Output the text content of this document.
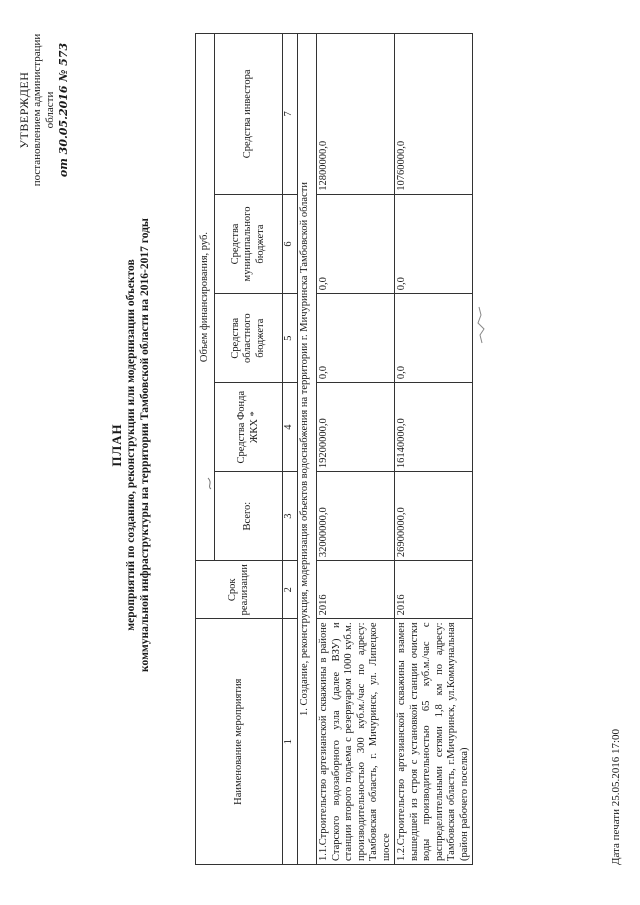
УТВЕРЖДЕН постановлением администрации области от 30.05.2016 № 573
ПЛАН мероприятий по созданию, реконструкции или модернизации объектов коммунальной инфраструктуры на территории Тамбовской области на 2016-2017 годы
Наименование мероприятия	Срок реализации	Объем финансирования, руб.				
		Всего:	Средства Фонда ЖКХ *	Средства областного бюджета	Средства муниципального бюджета	Средства инвестора
1	2	3	4	5	6	7
1. Создание, реконструкция, модернизация объектов водоснабжения на территории г. Мичуринска Тамбовской области						
1.1.Строительство артезианской скважины в районе Старского водозаборного узла (далее ВЗУ) и станции второго подъема с резервуаром 1000 куб.м. производительностью 300 куб.м./час по адресу: Тамбовская область, г. Мичуринск, ул. Липецкое шоссе	2016	32000000,0	19200000,0	0,0	0,0	12800000,0
1.2.Строительство артезианской скважины взамен вышедшей из строя с установкой станции очистки воды производительностью 65 куб.м./час с распределительными сетями 1,8 км по адресу: Тамбовская область, г.Мичуринск, ул.Коммунальная (район рабочего поселка)	2016	26900000,0	16140000,0	0,0	0,0	10760000,0
Дата печати 25.05.2016 17:00
